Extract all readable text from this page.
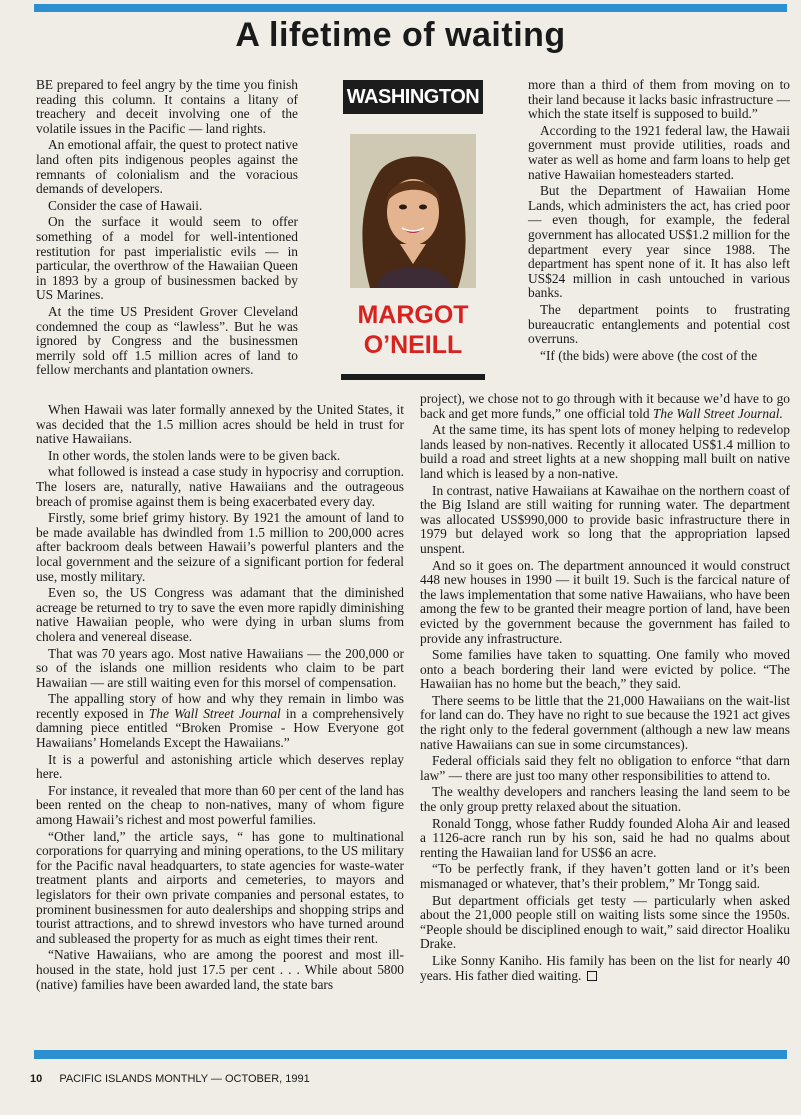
A lifetime of waiting

BE prepared to feel angry by the time you finish reading this column. It contains a litany of treachery and deceit involving one of the volatile issues in the Pacific — land rights.

An emotional affair, the quest to protect native land often pits indigenous peoples against the remnants of colonialism and the voracious demands of developers.

Consider the case of Hawaii.

On the surface it would seem to offer something of a model for well-intentioned restitution for past imperialistic evils — in particular, the overthrow of the Hawaiian Queen in 1893 by a group of businessmen backed by US Marines.

At the time US President Grover Cleveland condemned the coup as “lawless”. But he was ignored by Congress and the businessmen merrily sold off 1.5 million acres of land to fellow merchants and plantation owners.

WASHINGTON
MARGOT
O’NEILL

more than a third of them from moving on to their land because it lacks basic infrastructure — which the state itself is supposed to build.”

According to the 1921 federal law, the Hawaii government must provide utilities, roads and water as well as home and farm loans to help get native Hawaiian homesteaders started.

But the Department of Hawaiian Home Lands, which administers the act, has cried poor — even though, for example, the federal government has allocated US$1.2 million for the department every year since 1988. The department has spent none of it. It has also left US$24 million in cash untouched in various banks.

The department points to frustrating bureaucratic entanglements and potential cost overruns.

“If (the bids) were above (the cost of the

When Hawaii was later formally annexed by the United States, it was decided that the 1.5 million acres should be held in trust for native Hawaiians.

In other words, the stolen lands were to be given back.

what followed is instead a case study in hypocrisy and corruption. The losers are, naturally, native Hawaiians and the outrageous breach of promise against them is being exacerbated every day.

Firstly, some brief grimy history. By 1921 the amount of land to be made available has dwindled from 1.5 million to 200,000 acres after backroom deals between Hawaii’s powerful planters and the local government and the seizure of a significant portion for federal use, mostly military.

Even so, the US Congress was adamant that the diminished acreage be returned to try to save the even more rapidly diminishing native Hawaiian people, who were dying in urban slums from cholera and venereal disease.

That was 70 years ago. Most native Hawaiians — the 200,000 or so of the islands one million residents who claim to be part Hawaiian — are still waiting even for this morsel of compensation.

The appalling story of how and why they remain in limbo was recently exposed in The Wall Street Journal in a comprehensively damning piece entitled “Broken Promise - How Everyone got Hawaiians’ Homelands Except the Hawaiians.”

It is a powerful and astonishing article which deserves replay here.

For instance, it revealed that more than 60 per cent of the land has been rented on the cheap to non-natives, many of whom figure among Hawaii’s richest and most powerful families.

“Other land,” the article says, “ has gone to multinational corporations for quarrying and mining operations, to the US military for the Pacific naval headquarters, to state agencies for waste-water treatment plants and airports and cemeteries, to mayors and legislators for their own private companies and personal estates, to prominent businessmen for auto dealerships and shopping strips and tourist attractions, and to shrewd investors who have turned around and subleased the property for as much as eight times their rent.

“Native Hawaiians, who are among the poorest and most ill-housed in the state, hold just 17.5 per cent . . . While about 5800 (native) families have been awarded land, the state bars

project), we chose not to go through with it because we’d have to go back and get more funds,” one official told The Wall Street Journal.

At the same time, its has spent lots of money helping to redevelop lands leased by non-natives. Recently it allocated US$1.4 million to build a road and street lights at a new shopping mall built on native land which is leased by a non-native.

In contrast, native Hawaiians at Kawaihae on the northern coast of the Big Island are still waiting for running water. The department was allocated US$990,000 to provide basic infrastructure there in 1979 but delayed work so long that the appropriation lapsed unspent.

And so it goes on. The department announced it would construct 448 new houses in 1990 — it built 19. Such is the farcical nature of the laws implementation that some native Hawaiians, who have been among the few to be granted their meagre portion of land, have been evicted by the government because the government has failed to provide any infrastructure.

Some families have taken to squatting. One family who moved onto a beach bordering their land were evicted by police. “The Hawaiian has no home but the beach,” they said.

There seems to be little that the 21,000 Hawaiians on the wait-list for land can do. They have no right to sue because the 1921 act gives the right only to the federal government (although a new law means native Hawaiians can sue in some circumstances).

Federal officials said they felt no obligation to enforce “that darn law” — there are just too many other responsibilities to attend to.

The wealthy developers and ranchers leasing the land seem to be the only group pretty relaxed about the situation.

Ronald Tongg, whose father Ruddy founded Aloha Air and leased a 1126-acre ranch run by his son, said he had no qualms about renting the Hawaiian land for US$6 an acre.

“To be perfectly frank, if they haven’t gotten land or it’s been mismanaged or whatever, that’s their problem,” Mr Tongg said.

But department officials get testy — particularly when asked about the 21,000 people still on waiting lists some since the 1950s. “People should be disciplined enough to wait,” said director Hoaliku Drake.

Like Sonny Kaniho. His family has been on the list for nearly 40 years. His father died waiting.

10 PACIFIC ISLANDS MONTHLY — OCTOBER, 1991
